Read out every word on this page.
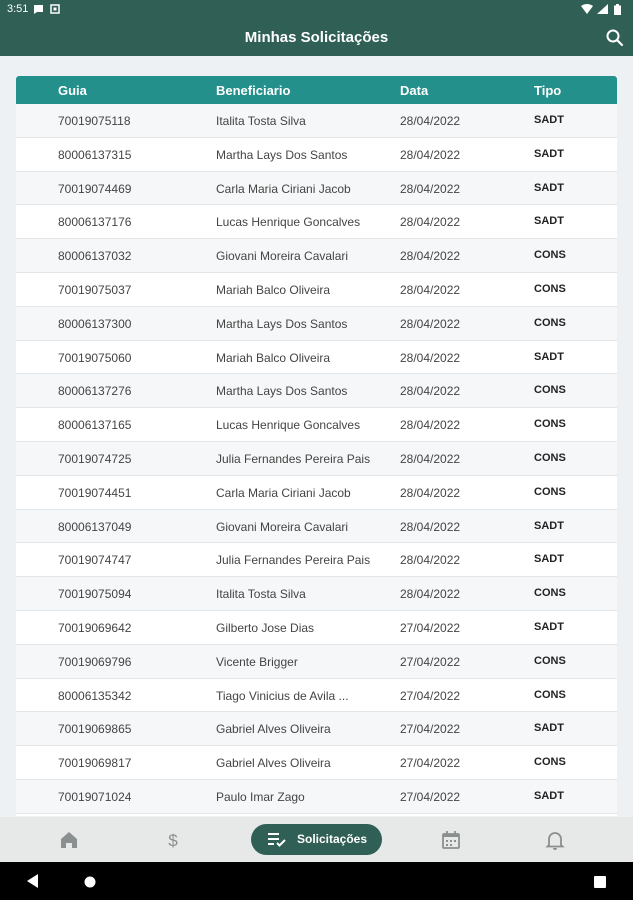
3:51
Minhas Solicitações
Guia	Beneficiario	Data	Tipo
70019075118	Italita Tosta Silva	28/04/2022	SADT
80006137315	Martha Lays Dos Santos	28/04/2022	SADT
70019074469	Carla Maria Ciriani Jacob	28/04/2022	SADT
80006137176	Lucas Henrique Goncalves	28/04/2022	SADT
80006137032	Giovani Moreira Cavalari	28/04/2022	CONS
70019075037	Mariah Balco Oliveira	28/04/2022	CONS
80006137300	Martha Lays Dos Santos	28/04/2022	CONS
70019075060	Mariah Balco Oliveira	28/04/2022	SADT
80006137276	Martha Lays Dos Santos	28/04/2022	CONS
80006137165	Lucas Henrique Goncalves	28/04/2022	CONS
70019074725	Julia Fernandes Pereira Pais 28/04/2022	CONS
70019074451	Carla Maria Ciriani Jacob	28/04/2022	CONS
80006137049	Giovani Moreira Cavalari	28/04/2022	SADT
70019074747	Julia Fernandes Pereira Pais 28/04/2022	SADT
70019075094	Italita Tosta Silva	28/04/2022	CONS
70019069642	Gilberto Jose Dias	27/04/2022	SADT
70019069796	Vicente Brigger	27/04/2022	CONS
80006135342	Tiago Vinicius de Avila ...	27/04/2022	CONS
70019069865	Gabriel Alves Oliveira	27/04/2022	SADT
70019069817	Gabriel Alves Oliveira	27/04/2022	CONS
70019071024	Paulo Imar Zago	27/04/2022	SADT
$	Solicitações
